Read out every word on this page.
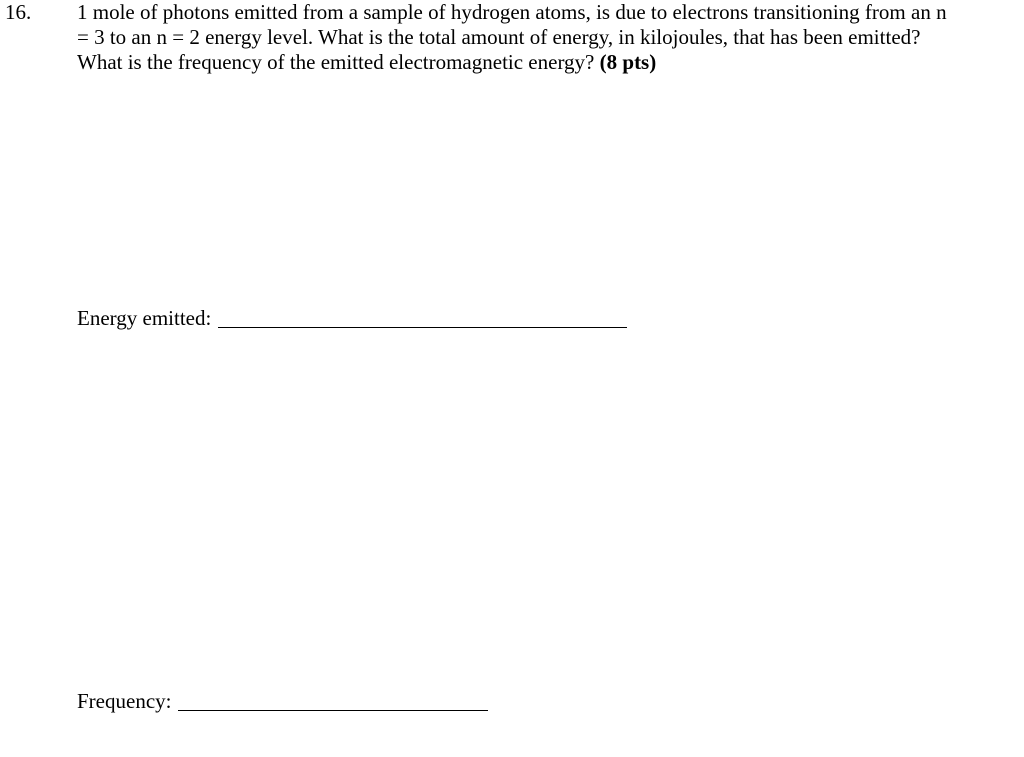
16. 1 mole of photons emitted from a sample of hydrogen atoms, is due to electrons transitioning from an n
= 3 to an n = 2 energy level. What is the total amount of energy, in kilojoules, that has been emitted?
What is the frequency of the emitted electromagnetic energy? (8 pts)
Energy emitted:
Frequency:
